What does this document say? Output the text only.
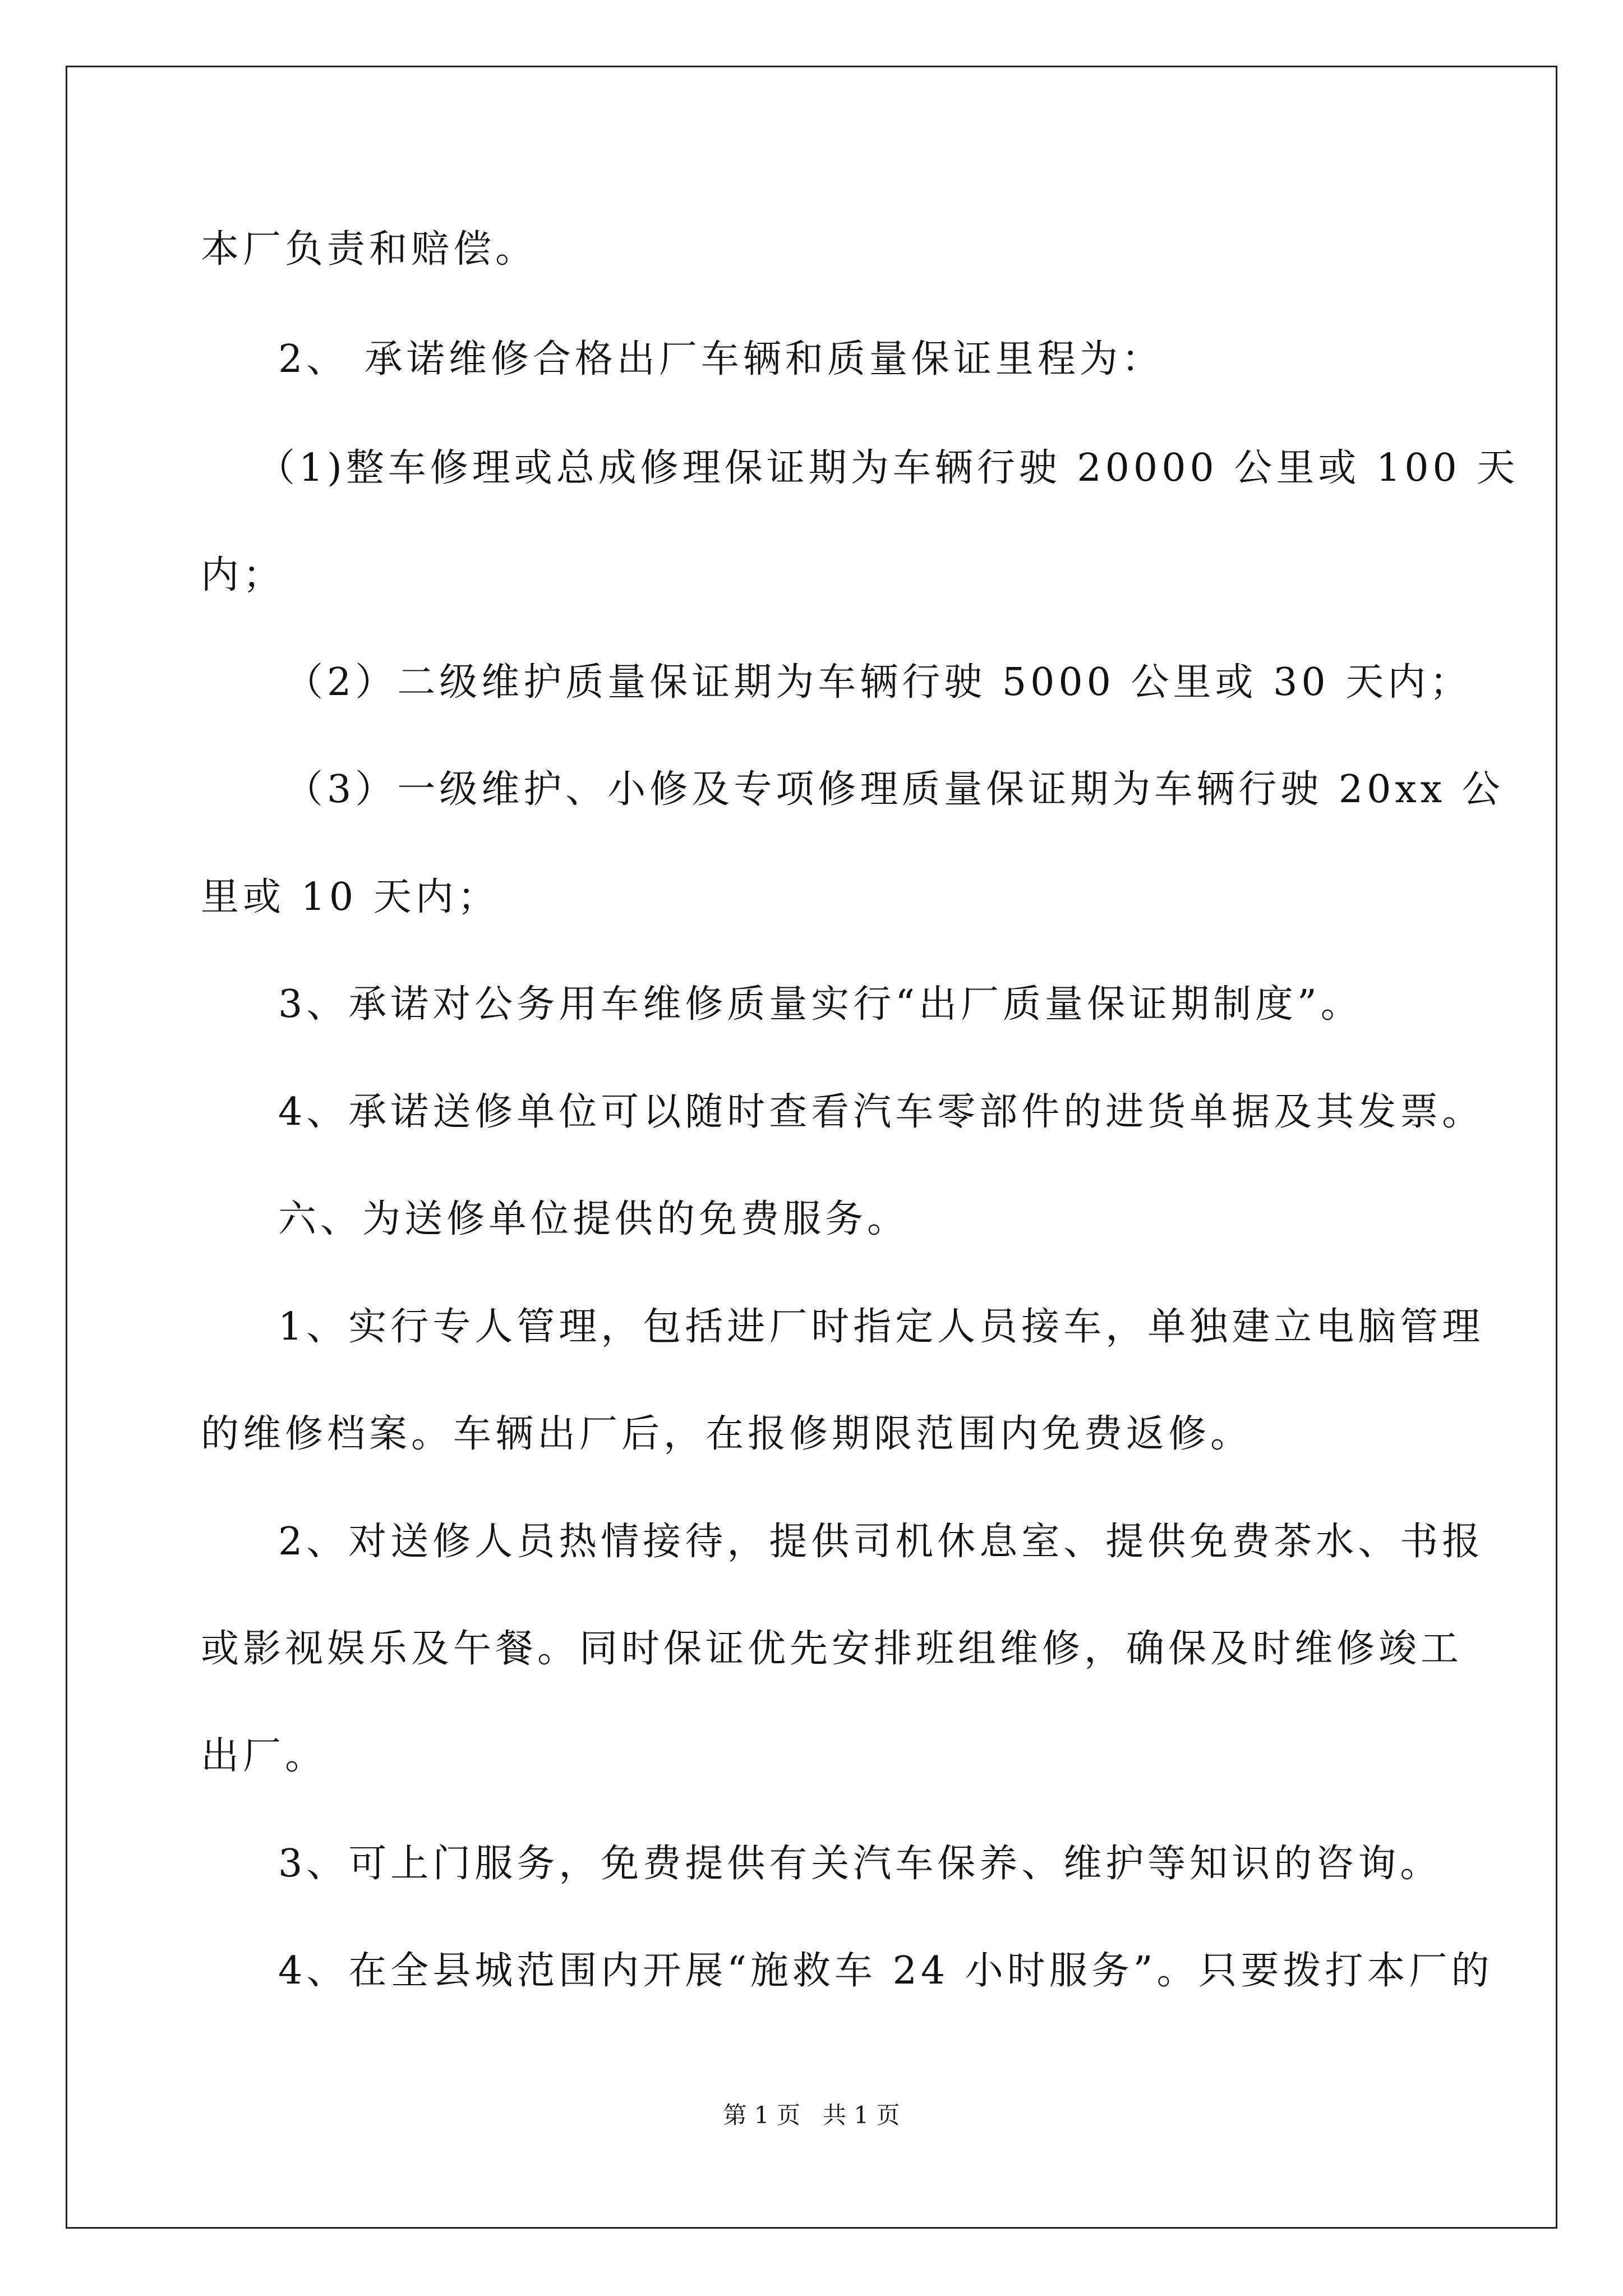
本厂负责和赔偿。
2、 承诺维修合格出厂车辆和质量保证里程为：
（1)整车修理或总成修理保证期为车辆行驶 20000 公里或 100 天
内；
（2）二级维护质量保证期为车辆行驶 5000 公里或 30 天内；
（3）一级维护、小修及专项修理质量保证期为车辆行驶 20xx 公
里或 10 天内；
3、承诺对公务用车维修质量实行“出厂质量保证期制度”。
4、承诺送修单位可以随时查看汽车零部件的进货单据及其发票。
六、为送修单位提供的免费服务。
1、实行专人管理，包括进厂时指定人员接车，单独建立电脑管理
的维修档案。车辆出厂后，在报修期限范围内免费返修。
2、对送修人员热情接待，提供司机休息室、提供免费茶水、书报
或影视娱乐及午餐。同时保证优先安排班组维修，确保及时维修竣工
出厂。
3、可上门服务，免费提供有关汽车保养、维护等知识的咨询。
4、在全县城范围内开展“施救车 24 小时服务”。只要拨打本厂的
第 1 页   共 1 页
